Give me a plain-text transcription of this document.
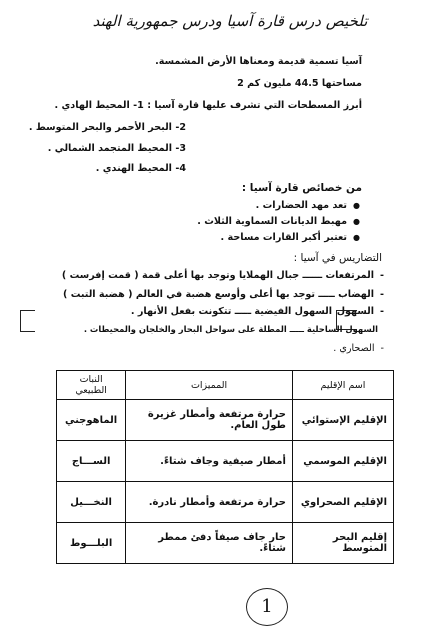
تلخيص درس قارة آسيا ودرس جمهورية الهند
آسيا تسمية قديمة ومعناها الأرض المشمسة.
مساحتها 44.5 مليون كم 2
أبرز المسطحات التي تشرف عليها قارة آسيا : 1- المحيط الهادي .
2- البحر الأحمر والبحر المتوسط .
3- المحيط المتجمد الشمالي .
4- المحيط الهندي .
من خصائص قارة آسيا :
● تعد مهد الحضارات .
● مهبط الديانات السماوية الثلاث .
● تعتبر أكبر القارات مساحة .
التضاريس في آسيا :
- المرتفعات ــــــ جبال الهملايا وتوجد بها أعلى قمة ( قمت إفرست )
- الهضاب ـــــ توجد بها أعلى وأوسع هضبة في العالم ( هضبة التبت )
- السهول
السهول الفيضية ـــــ تتكونت بفعل الأنهار .
السهول الساحلية ـــــ المطلة على سواحل البحار والخلجان والمحيطات .
- الصحاري .
اسم الإقليم	المميزات	النبات الطبيعي
الإقليم الإستوائي	حرارة مرتفعة وأمطار غزيرة طول العام.	الماهوجني
الإقليم الموسمي	أمطار صيفية وجاف شتاءً.	الســـاج
الإقليم الصحراوي	حرارة مرتفعة وأمطار نادرة.	النخـــيل
إقليم البحر المتوسط	حار جاف صيفاً دفئ ممطر شتاءً.	البلـــوط
1
